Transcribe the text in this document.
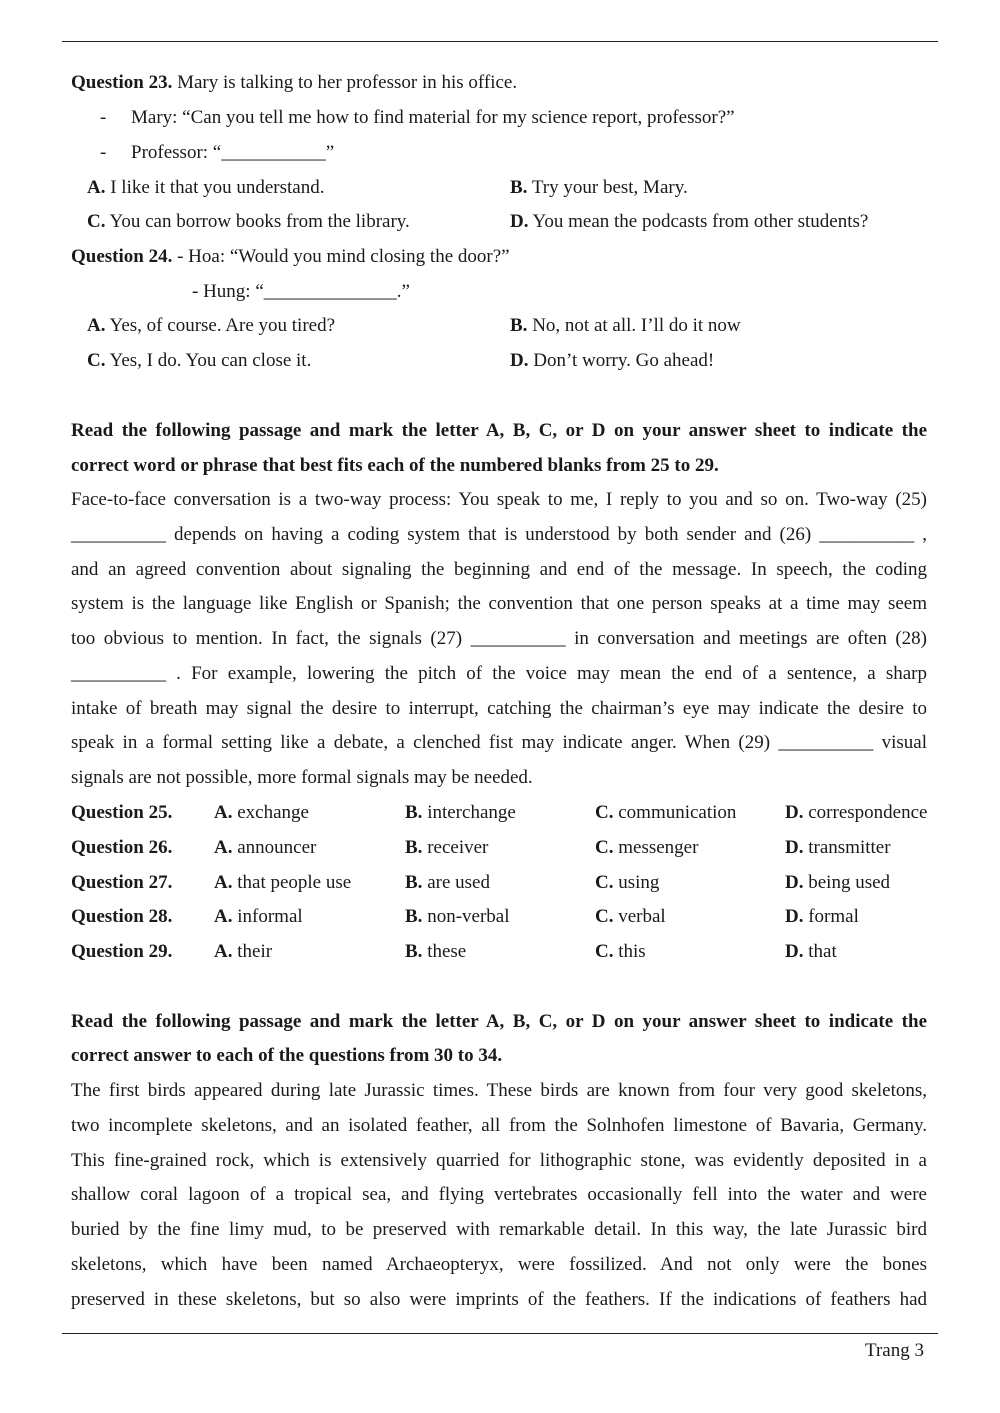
Question 23. Mary is talking to her professor in his office.
- Mary: “Can you tell me how to find material for my science report, professor?”
- Professor: “___________”
A. I like it that you understand.	B. Try your best, Mary.
C. You can borrow books from the library.	D. You mean the podcasts from other students?
Question 24. - Hoa: “Would you mind closing the door?”
- Hung: “______________.”
A. Yes, of course. Are you tired?	B. No, not at all. I’ll do it now
C. Yes, I do. You can close it.	D. Don’t worry. Go ahead!
Read the following passage and mark the letter A, B, C, or D on your answer sheet to indicate the
correct word or phrase that best fits each of the numbered blanks from 25 to 29.
Face-to-face conversation is a two-way process: You speak to me, I reply to you and so on. Two-way (25)
__________ depends on having a coding system that is understood by both sender and (26) __________ ,
and an agreed convention about signaling the beginning and end of the message. In speech, the coding
system is the language like English or Spanish; the convention that one person speaks at a time may seem
too obvious to mention. In fact, the signals (27) __________ in conversation and meetings are often (28)
__________ . For example, lowering the pitch of the voice may mean the end of a sentence, a sharp
intake of breath may signal the desire to interrupt, catching the chairman’s eye may indicate the desire to
speak in a formal setting like a debate, a clenched fist may indicate anger. When (29) __________ visual
signals are not possible, more formal signals may be needed.
Question 25. A. exchange	B. interchange	C. communication	D. correspondence
Question 26. A. announcer	B. receiver	C. messenger	D. transmitter
Question 27. A. that people use	B. are used	C. using	D. being used
Question 28. A. informal	B. non-verbal	C. verbal	D. formal
Question 29. A. their	B. these	C. this	D. that
Read the following passage and mark the letter A, B, C, or D on your answer sheet to indicate the
correct answer to each of the questions from 30 to 34.
The first birds appeared during late Jurassic times. These birds are known from four very good skeletons,
two incomplete skeletons, and an isolated feather, all from the Solnhofen limestone of Bavaria, Germany.
This fine-grained rock, which is extensively quarried for lithographic stone, was evidently deposited in a
shallow coral lagoon of a tropical sea, and flying vertebrates occasionally fell into the water and were
buried by the fine limy mud, to be preserved with remarkable detail. In this way, the late Jurassic bird
skeletons, which have been named Archaeopteryx, were fossilized. And not only were the bones
preserved in these skeletons, but so also were imprints of the feathers. If the indications of feathers had
Trang 3
